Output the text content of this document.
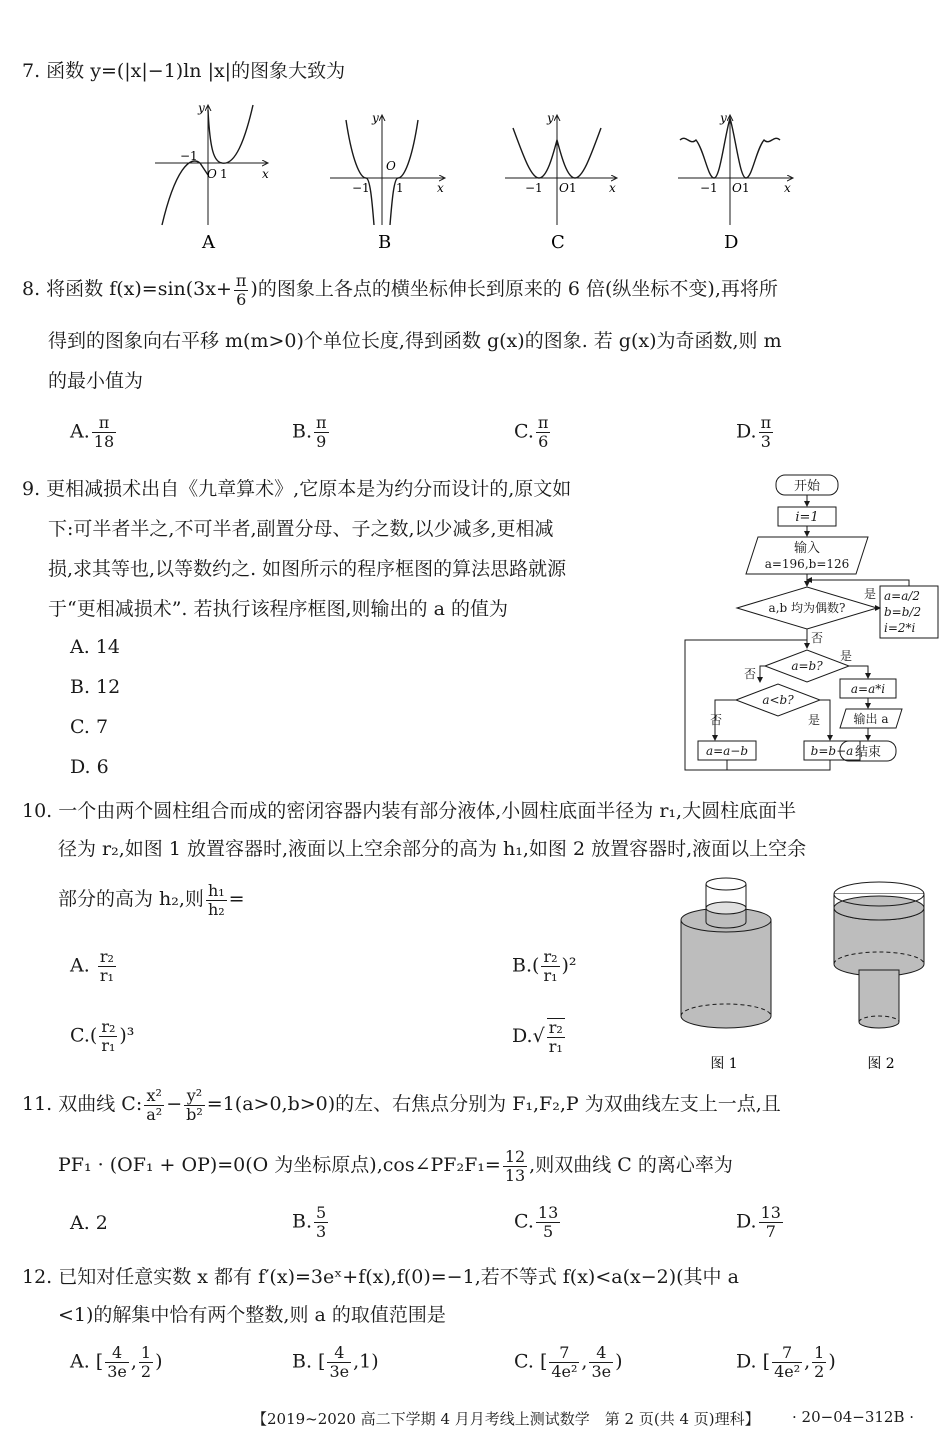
7. 函数 y=(|x|−1)ln |x|的图象大致为
x
y
−1
O 1
A
x
y
−1
O
1
B
x
y
−1 O 1
C
x
y
−1 O 1
D
8. 将函数 $f(x)=\sin(3x+ \frac{\pi}{6}$ )的图象上各点的横坐标伸长到原来的 6 倍(纵坐标不变),再将所
得到的图象向右平移 m(m>0)个单位长度,得到函数 g(x)的图象. 若 g(x)为奇函数,则 m
的最小值为
A. $\frac{\pi}{18}$	B. $\frac{\pi}{9}$	C. $\frac{\pi}{6}$	D. $\frac{\pi}{3}$
9. 更相减损术出自《九章算术》,它原本是为约分而设计的,原文如
下:可半者半之,不可半者,副置分母、子之数,以少减多,更相减
损,求其等也,以等数约之. 如图所示的程序框图的算法思路就源
于“更相减损术”. 若执行该程序框图,则输出的 a 的值为
A. 14
B. 12
C. 7
D. 6
开始
i=1
输入
a=196,b=126
a,b 均为偶数?
是 a=a/2
b=b/2
i=2*i
否
a=b?
是
否
a=a*i
输出 a
结束
a<b?
否	是
a=a−b	b=b−a
10. 一个由两个圆柱组合而成的密闭容器内装有部分液体,小圆柱底面半径为 r₁,大圆柱底面半
径为 r₂,如图 1 放置容器时,液面以上空余部分的高为 h₁,如图 2 放置容器时,液面以上空余
部分的高为 h₂,则 $\frac{\text{h₁}}{\text{h₂}}$ =
A. $\frac{\text{r₂}}{\text{r₁}}$	$B.( \frac{\text{r₂}}{\text{r₁}} )^2$
$C.( \frac{\text{r₂}}{\text{r₁}} )^3$	$D.√ \frac{\text{r₂}}{\text{r₁}}$
图 1	图 2
11. 双曲线 C: $\frac{\text{x²}}{\text{a²}} - \frac{\text{y²}}{\text{b²}} =1(a>0,b>0)$的左、右焦点分别为 F₁,F₂,P 为双曲线左支上一点,且
PF₁ · (OF₁ + OP)=0(O 为坐标原点),cos∠PF₂F₁= $\frac{12}{13}$ ,则双曲线 C 的离心率为
A. 2	B. $\frac{5}{3}$	C. $\frac{13}{5}$	D. $\frac{13}{7}$
12. 已知对任意实数 x 都有 f′(x)=3eˣ+f(x),f(0)=−1,若不等式 f(x)<a(x−2)(其中 a
<1)的解集中恰有两个整数,则 a 的取值范围是
A. [ $\frac{4}{3e}$ , $\frac{1}{2}$ )	B. [ $\frac{4}{3e} ,1$)	C. [ $\frac{7}{\text{4e²}}$ , $\frac{4}{3e}$ )	D. [ $\frac{7}{\text{4e²}}$ , $\frac{1}{2}$ )
【2019~2020 高二下学期 4 月月考线上测试数学　第 2 页(共 4 页)理科】 · 20−04−312B ·
